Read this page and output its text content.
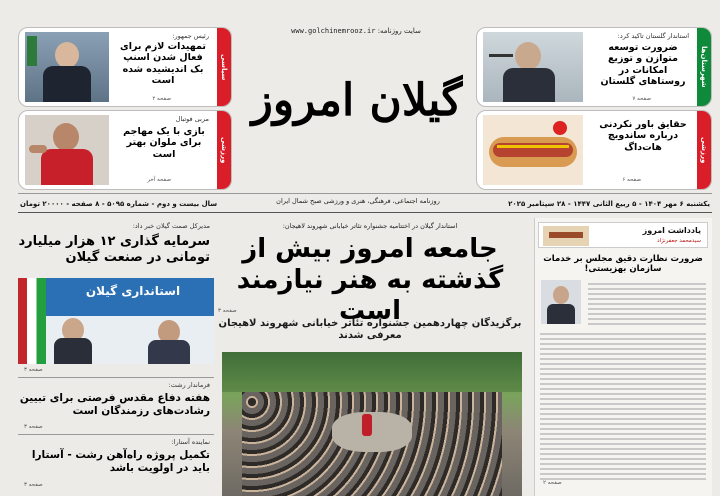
شهرستان‌ها
استاندار گلستان تاکید کرد:
ضرورت توسعه متوازن و توزیع امکانات در روستاهای گلستان
صفحه ۷
ورزشی
حقایق باور نکردنی درباره ساندویچ هات‌داگ
صفحه ۶
سیاسی
رئیس جمهور:
تمهیدات لازم برای فعال شدن اسنپ بک اندیشیده شده است
صفحه ۲
ورزشی
مربی فوتبال
بازی با یک مهاجم برای ملوان بهتر است
صفحه آخر
سایت روزنامه: www.golchinemrooz.ir
گیلان امروز
روزنامه اجتماعی، فرهنگی، هنری و ورزشی صبح شمال ایران	یکشنبه ۶ مهر ۱۴۰۴ - ۵ ربیع الثانی ۱۴۴۷ - ۲۸ سپتامبر ۲۰۲۵
سال بیست و دوم - شماره ۵۰۹۵ - ۸ صفحه - ۲۰۰۰۰ تومان
یادداشت امروز
سیدمحمد جعفرنژاد
ضرورت نظارت دقیق مجلس بر خدمات سازمان بهزیستی!
صفحه ۲
استاندار گیلان در اختتامیه جشنواره تئاتر خیابانی شهروند لاهیجان:
جامعه امروز بیش از گذشته به هنر نیازمند است
صفحه ۳
برگزیدگان چهاردهمین جشنواره تئاتر خیابانی شهروند لاهیجان معرفی شدند
مدیرکل صمت گیلان خبر داد:
سرمایه گذاری ۱۲ هزار میلیارد تومانی در صنعت گیلان
استانداری گیلان
صفحه ۳
فرماندار رشت:
هفته دفاع مقدس فرصتی برای تبیین رشادت‌های رزمندگان است
صفحه ۳
نماینده آستارا:
تکمیل پروژه راه‌آهن رشت - آستارا باید در اولویت باشد
صفحه ۳
